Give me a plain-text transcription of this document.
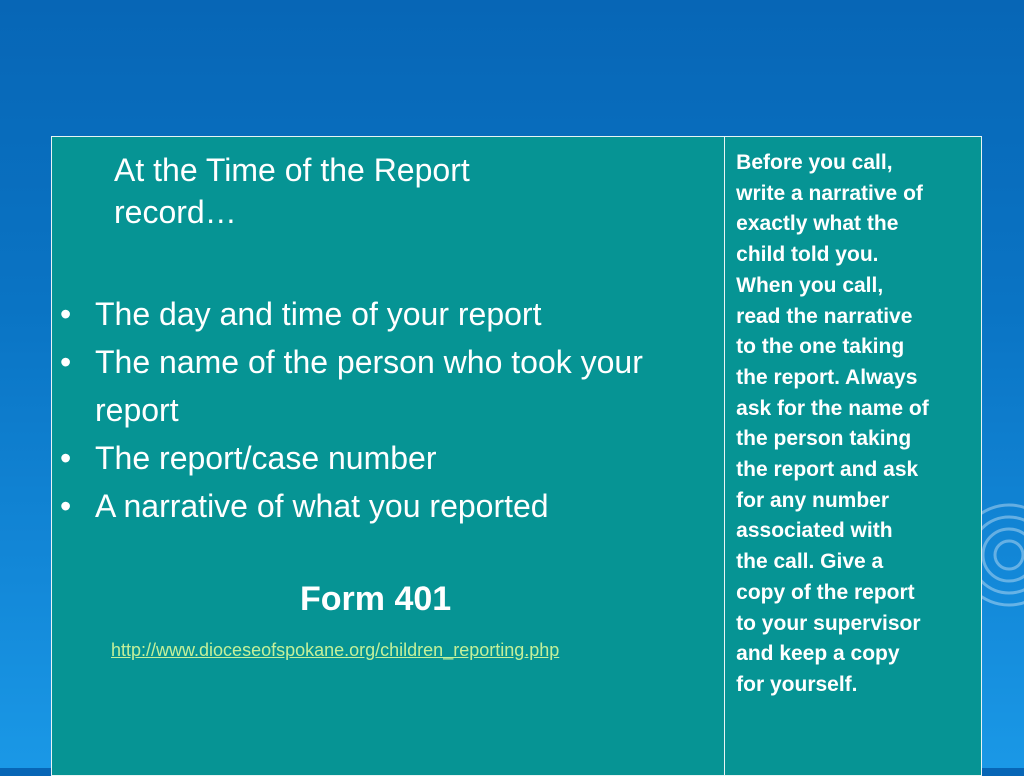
At the Time of the Report
record…
• The day and time of your report
• The name of the person who took your report
• The report/case number
• A narrative of what you reported
Form 401
http://www.dioceseofspokane.org/children_reporting.php

Before you call,
write a narrative of
exactly what the
child told you.
When you call,
read the narrative
to the one taking
the report. Always
ask for the name of
the person taking
the report and ask
for any number
associated with
the call. Give a
copy of the report
to your supervisor
and keep a copy
for yourself.
